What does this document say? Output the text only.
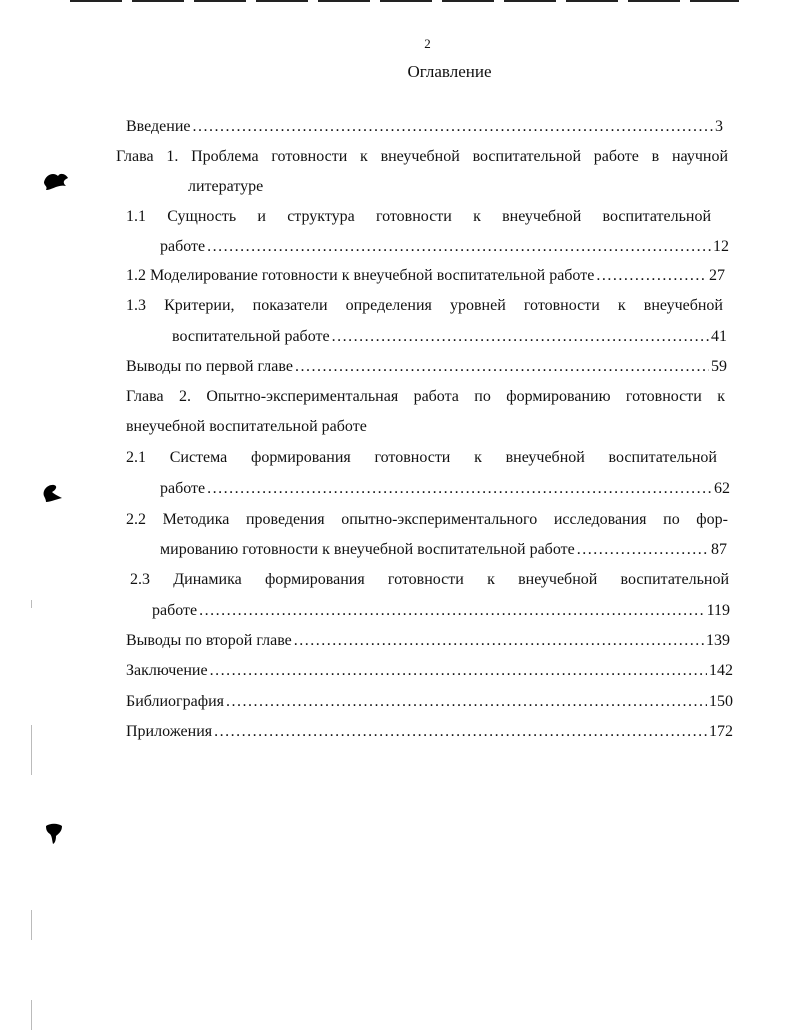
2
Оглавление
Введение .....	3
Глава 1. Проблема готовности к внеучебной воспитательной работе в научной
литературе
1.1 Сущность и структура готовности к внеучебной воспитательной
работе .....	12
1.2 Моделирование готовности к внеучебной воспитательной работе .....	27
1.3 Критерии, показатели определения уровней готовности к внеучебной
воспитательной работе .....	41
Выводы по первой главе .....	59
Глава 2. Опытно-экспериментальная работа по формированию готовности к
внеучебной воспитательной работе
2.1 Система формирования готовности к внеучебной воспитательной
работе .....	62
2.2 Методика проведения опытно-экспериментального исследования по фор-
мированию готовности к внеучебной воспитательной работе .....	87
2.3 Динамика формирования готовности к внеучебной воспитательной
работе .....	119
Выводы по второй главе .....	139
Заключение .....	142
Библиография .....	150
Приложения .....	172
